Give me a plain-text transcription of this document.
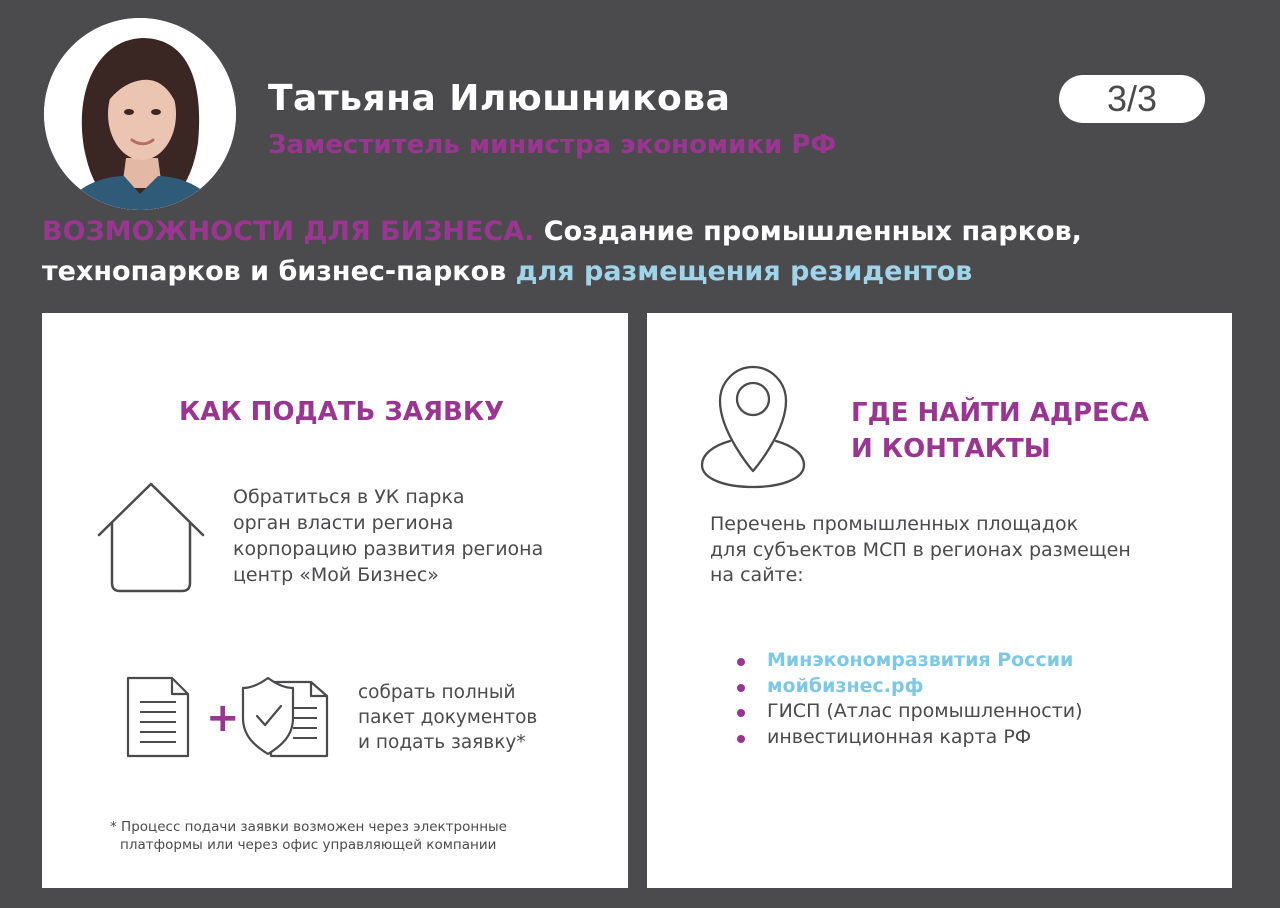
Татьяна Илюшникова
Заместитель министра экономики РФ
3/3
ВОЗМОЖНОСТИ ДЛЯ БИЗНЕСА. Создание промышленных парков,
технопарков и бизнес-парков для размещения резидентов
КАК ПОДАТЬ ЗАЯВКУ
Обратиться в УК парка
орган власти региона
корпорацию развития региона
центр «Мой Бизнес»
+
собрать полный
пакет документов
и подать заявку*
* Процесс подачи заявки возможен через электронные
платформы или через офис управляющей компании
ГДЕ НАЙТИ АДРЕСА
И КОНТАКТЫ
Перечень промышленных площадок
для субъектов МСП в регионах размещен
на сайте:
Минэкономразвития России
мойбизнес.рф
ГИСП (Атлас промышленности)
инвестиционная карта РФ
